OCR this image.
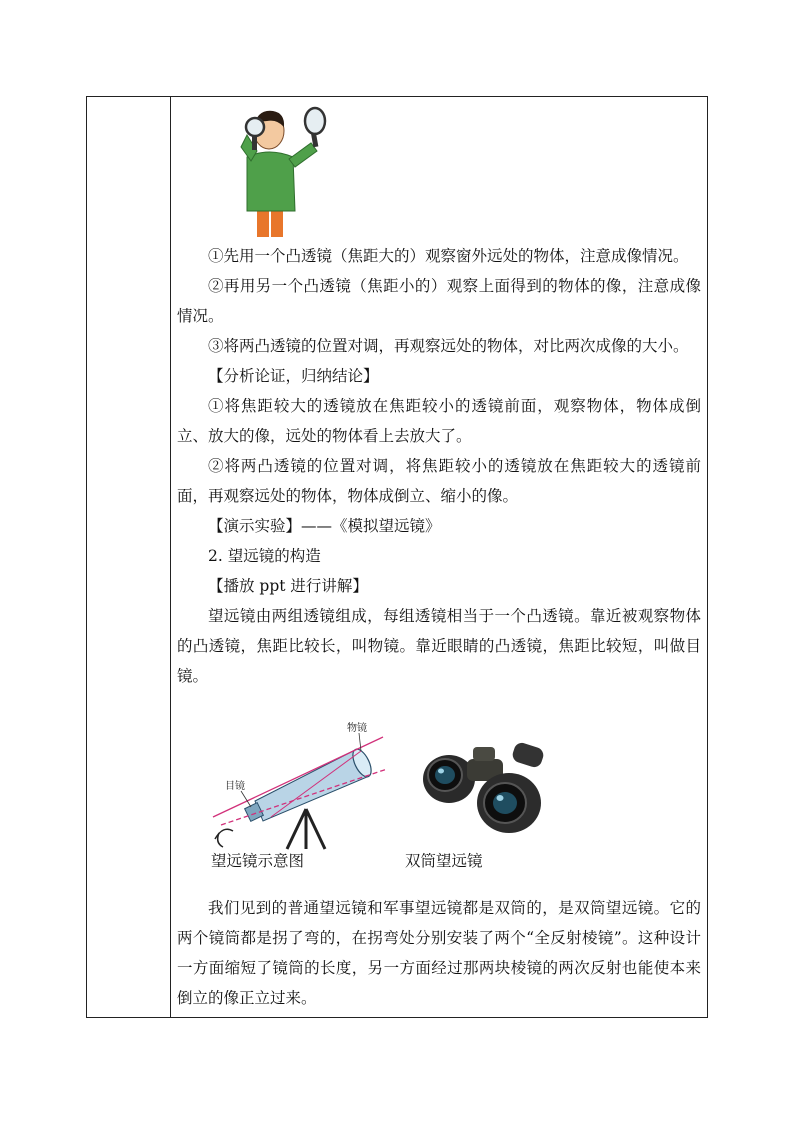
①先用一个凸透镜（焦距大的）观察窗外远处的物体，注意成像情况。

②再用另一个凸透镜（焦距小的）观察上面得到的物体的像，注意成像情况。

③将两凸透镜的位置对调，再观察远处的物体，对比两次成像的大小。

【分析论证，归纳结论】

①将焦距较大的透镜放在焦距较小的透镜前面，观察物体，物体成倒立、放大的像，远处的物体看上去放大了。

②将两凸透镜的位置对调，将焦距较小的透镜放在焦距较大的透镜前面，再观察远处的物体，物体成倒立、缩小的像。

【演示实验】——《模拟望远镜》

2. 望远镜的构造

【播放 ppt 进行讲解】

望远镜由两组透镜组成，每组透镜相当于一个凸透镜。靠近被观察物体的凸透镜，焦距比较长，叫物镜。靠近眼睛的凸透镜，焦距比较短，叫做目镜。

物镜
目镜
望远镜示意图	双筒望远镜

我们见到的普通望远镜和军事望远镜都是双筒的，是双筒望远镜。它的两个镜筒都是拐了弯的，在拐弯处分别安装了两个“全反射棱镜”。这种设计一方面缩短了镜筒的长度，另一方面经过那两块棱镜的两次反射也能使本来倒立的像正立过来。
